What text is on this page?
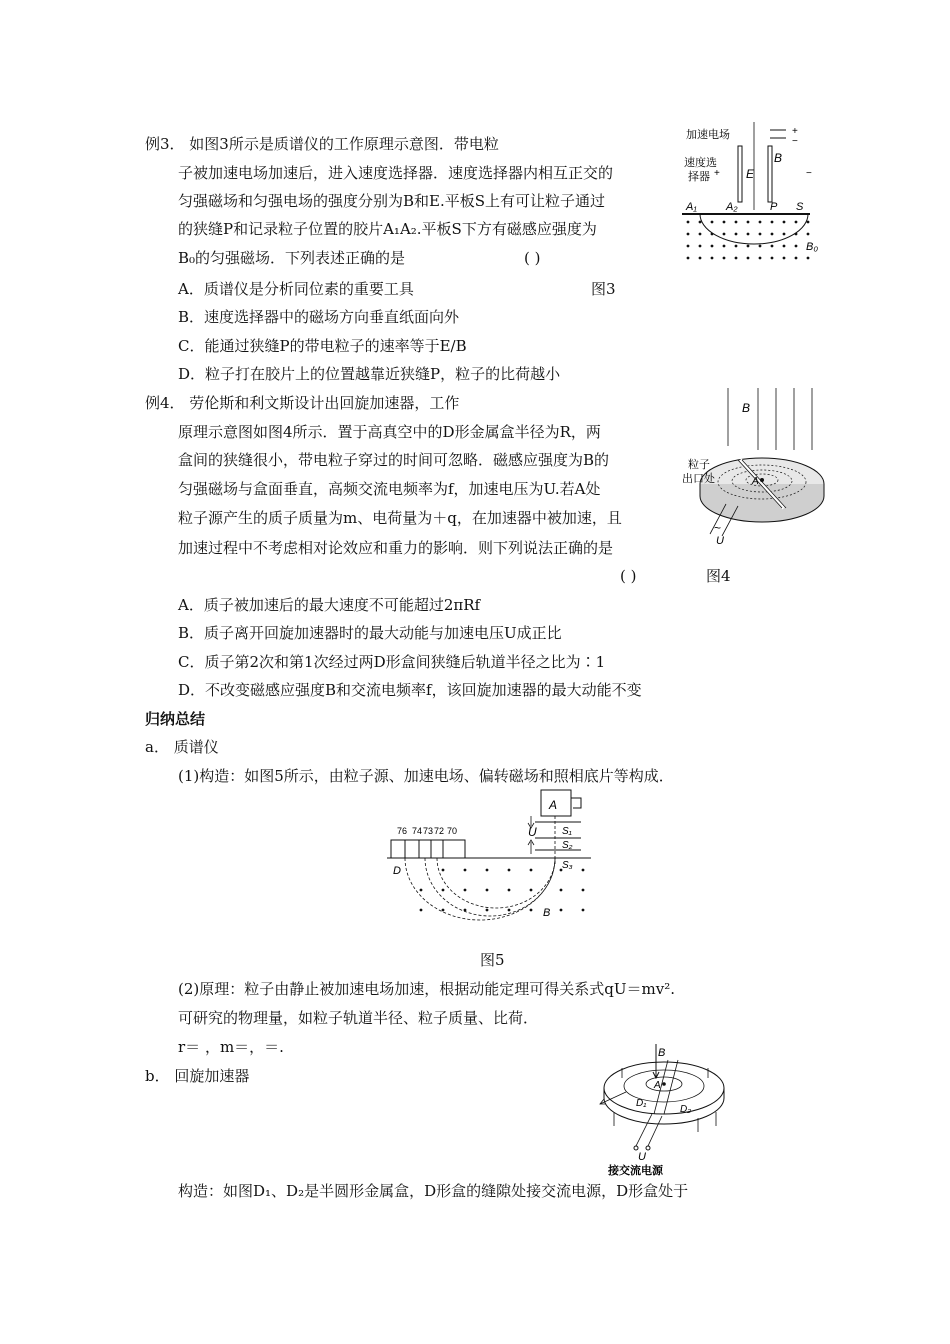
例3． 如图3所示是质谱仪的工作原理示意图．带电粒
子被加速电场加速后，进入速度选择器．速度选择器内相互正交的
匀强磁场和匀强电场的强度分别为B和E.平板S上有可让粒子通过
的狭缝P和记录粒子位置的胶片A₁A₂.平板S下方有磁感应强度为
B₀的匀强磁场．下列表述正确的是	( )
图3
A．质谱仪是分析同位素的重要工具
B．速度选择器中的磁场方向垂直纸面向外
C．能通过狭缝P的带电粒子的速率等于E/B
D．粒子打在胶片上的位置越靠近狭缝P，粒子的比荷越小
加速电场	+
−
速度选
择器 + E
B
−
A₁	A₂	P S
B₀
例4． 劳伦斯和利文斯设计出回旋加速器，工作
原理示意图如图4所示．置于高真空中的D形金属盒半径为R，两
盒间的狭缝很小，带电粒子穿过的时间可忽略．磁感应强度为B的
匀强磁场与盒面垂直，高频交流电频率为f，加速电压为U.若A处
粒子源产生的质子质量为m、电荷量为＋q，在加速器中被加速，且
加速过程中不考虑相对论效应和重力的影响．则下列说法正确的是
( )	图4
A．质子被加速后的最大速度不可能超过2πRf
B．质子离开回旋加速器时的最大动能与加速电压U成正比
C．质子第2次和第1次经过两D形盒间狭缝后轨道半径之比为∶1
D．不改变磁感应强度B和交流电频率f，该回旋加速器的最大动能不变
B
A
粒子
出口处
~
U
归纳总结
a． 质谱仪
(1)构造：如图5所示，由粒子源、加速电场、偏转磁场和照相底片等构成．
A
S₁
S₂
S₃
U
76 74 73 72 70
D
B
图5
(2)原理：粒子由静止被加速电场加速，根据动能定理可得关系式qU＝mv².
可研究的物理量，如粒子轨道半径、粒子质量、比荷．
r＝ ，m＝，＝.
b． 回旋加速器
B
A
D₁
D₂
U
接交流电源
构造：如图D₁、D₂是半圆形金属盒，D形盒的缝隙处接交流电源，D形盒处于
